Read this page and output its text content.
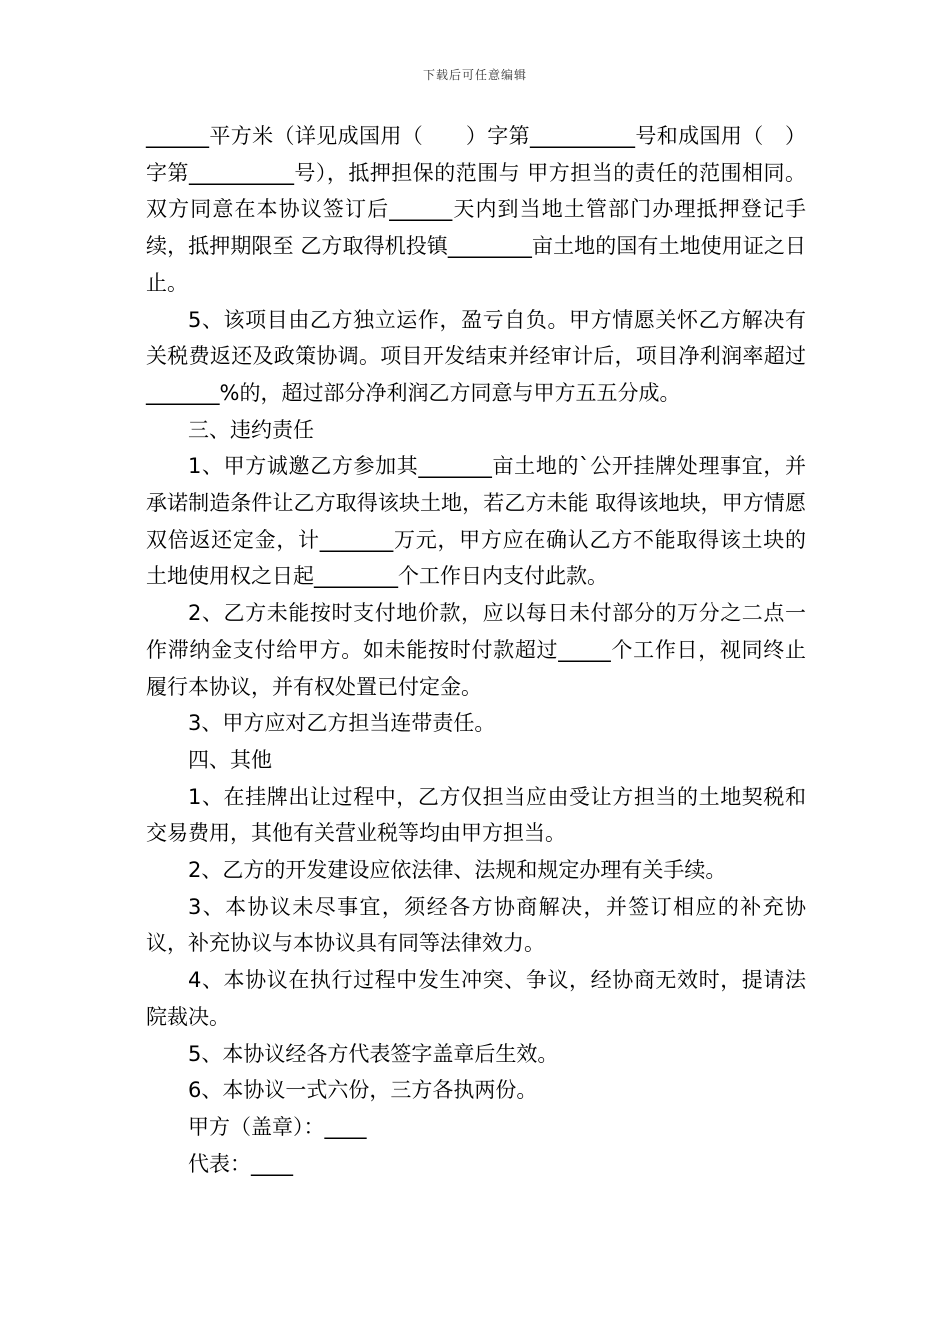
下载后可任意编辑

______平方米（详见成国用（　　）字第__________号和成国用（　）字第__________号），抵押担保的范围与 甲方担当的责任的范围相同。双方同意在本协议签订后______天内到当地土管部门办理抵押登记手续，抵押期限至 乙方取得机投镇________亩土地的国有土地使用证之日止。

5、该项目由乙方独立运作，盈亏自负。甲方情愿关怀乙方解决有关税费返还及政策协调。项目开发结束并经审计后，项目净利润率超过_______%的，超过部分净利润乙方同意与甲方五五分成。

三、违约责任

1、甲方诚邀乙方参加其_______亩土地的`公开挂牌处理事宜，并承诺制造条件让乙方取得该块土地，若乙方未能 取得该地块，甲方情愿双倍返还定金，计_______万元，甲方应在确认乙方不能取得该土块的土地使用权之日起________个工作日内支付此款。

2、乙方未能按时支付地价款，应以每日未付部分的万分之二点一作滞纳金支付给甲方。如未能按时付款超过_____个工作日，视同终止履行本协议，并有权处置已付定金。

3、甲方应对乙方担当连带责任。

四、其他

1、在挂牌出让过程中，乙方仅担当应由受让方担当的土地契税和交易费用，其他有关营业税等均由甲方担当。

2、乙方的开发建设应依法律、法规和规定办理有关手续。

3、本协议未尽事宜，须经各方协商解决，并签订相应的补充协议，补充协议与本协议具有同等法律效力。

4、本协议在执行过程中发生冲突、争议，经协商无效时，提请法院裁决。

5、本协议经各方代表签字盖章后生效。

6、本协议一式六份，三方各执两份。

甲方（盖章）：____

代表：____
